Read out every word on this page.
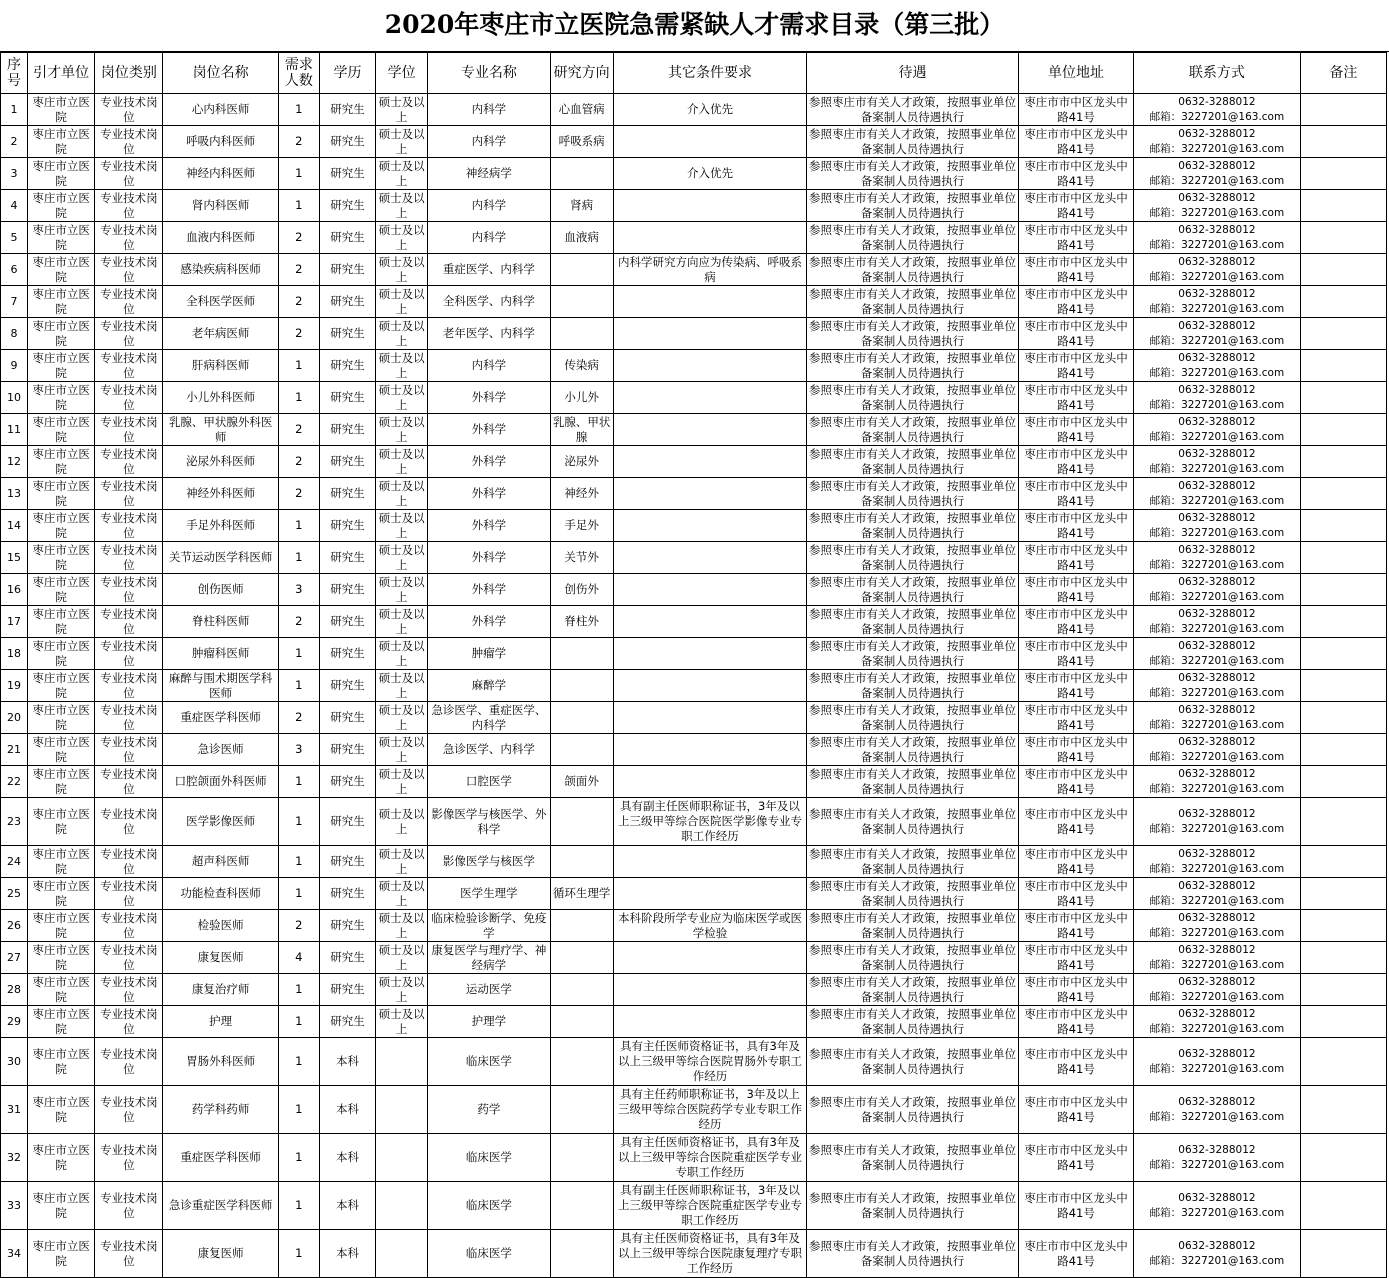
2020年枣庄市立医院急需紧缺人才需求目录（第三批）
序号	引才单位	岗位类别	岗位名称	需求人数	学历	学位	专业名称	研究方向	其它条件要求	待遇	单位地址	联系方式	备注
1	枣庄市立医院	专业技术岗位	心内科医师	1	研究生	硕士及以上	内科学	心血管病	介入优先	参照枣庄市有关人才政策，按照事业单位备案制人员待遇执行	枣庄市市中区龙头中路41号	0632-3288012
邮箱：3227201@163.com	

2	枣庄市立医院	专业技术岗位	呼吸内科医师	2	研究生	硕士及以上	内科学	呼吸系病		参照枣庄市有关人才政策，按照事业单位备案制人员待遇执行	枣庄市市中区龙头中路41号	0632-3288012
邮箱：3227201@163.com	

3	枣庄市立医院	专业技术岗位	神经内科医师	1	研究生	硕士及以上	神经病学		介入优先	参照枣庄市有关人才政策，按照事业单位备案制人员待遇执行	枣庄市市中区龙头中路41号	0632-3288012
邮箱：3227201@163.com	

4	枣庄市立医院	专业技术岗位	肾内科医师	1	研究生	硕士及以上	内科学	肾病		参照枣庄市有关人才政策，按照事业单位备案制人员待遇执行	枣庄市市中区龙头中路41号	0632-3288012
邮箱：3227201@163.com	

5	枣庄市立医院	专业技术岗位	血液内科医师	2	研究生	硕士及以上	内科学	血液病		参照枣庄市有关人才政策，按照事业单位备案制人员待遇执行	枣庄市市中区龙头中路41号	0632-3288012
邮箱：3227201@163.com	

6	枣庄市立医院	专业技术岗位	感染疾病科医师	2	研究生	硕士及以上	重症医学、内科学		内科学研究方向应为传染病、呼吸系病	参照枣庄市有关人才政策，按照事业单位备案制人员待遇执行	枣庄市市中区龙头中路41号	0632-3288012
邮箱：3227201@163.com	

7	枣庄市立医院	专业技术岗位	全科医学医师	2	研究生	硕士及以上	全科医学、内科学			参照枣庄市有关人才政策，按照事业单位备案制人员待遇执行	枣庄市市中区龙头中路41号	0632-3288012
邮箱：3227201@163.com	

8	枣庄市立医院	专业技术岗位	老年病医师	2	研究生	硕士及以上	老年医学、内科学			参照枣庄市有关人才政策，按照事业单位备案制人员待遇执行	枣庄市市中区龙头中路41号	0632-3288012
邮箱：3227201@163.com	

9	枣庄市立医院	专业技术岗位	肝病科医师	1	研究生	硕士及以上	内科学	传染病		参照枣庄市有关人才政策，按照事业单位备案制人员待遇执行	枣庄市市中区龙头中路41号	0632-3288012
邮箱：3227201@163.com	

10	枣庄市立医院	专业技术岗位	小儿外科医师	1	研究生	硕士及以上	外科学	小儿外		参照枣庄市有关人才政策，按照事业单位备案制人员待遇执行	枣庄市市中区龙头中路41号	0632-3288012
邮箱：3227201@163.com	

11	枣庄市立医院	专业技术岗位	乳腺、甲状腺外科医师	2	研究生	硕士及以上	外科学	乳腺、甲状腺		参照枣庄市有关人才政策，按照事业单位备案制人员待遇执行	枣庄市市中区龙头中路41号	0632-3288012
邮箱：3227201@163.com	

12	枣庄市立医院	专业技术岗位	泌尿外科医师	2	研究生	硕士及以上	外科学	泌尿外		参照枣庄市有关人才政策，按照事业单位备案制人员待遇执行	枣庄市市中区龙头中路41号	0632-3288012
邮箱：3227201@163.com	

13	枣庄市立医院	专业技术岗位	神经外科医师	2	研究生	硕士及以上	外科学	神经外		参照枣庄市有关人才政策，按照事业单位备案制人员待遇执行	枣庄市市中区龙头中路41号	0632-3288012
邮箱：3227201@163.com	

14	枣庄市立医院	专业技术岗位	手足外科医师	1	研究生	硕士及以上	外科学	手足外		参照枣庄市有关人才政策，按照事业单位备案制人员待遇执行	枣庄市市中区龙头中路41号	0632-3288012
邮箱：3227201@163.com	

15	枣庄市立医院	专业技术岗位	关节运动医学科医师	1	研究生	硕士及以上	外科学	关节外		参照枣庄市有关人才政策，按照事业单位备案制人员待遇执行	枣庄市市中区龙头中路41号	0632-3288012
邮箱：3227201@163.com	

16	枣庄市立医院	专业技术岗位	创伤医师	3	研究生	硕士及以上	外科学	创伤外		参照枣庄市有关人才政策，按照事业单位备案制人员待遇执行	枣庄市市中区龙头中路41号	0632-3288012
邮箱：3227201@163.com	

17	枣庄市立医院	专业技术岗位	脊柱科医师	2	研究生	硕士及以上	外科学	脊柱外		参照枣庄市有关人才政策，按照事业单位备案制人员待遇执行	枣庄市市中区龙头中路41号	0632-3288012
邮箱：3227201@163.com	

18	枣庄市立医院	专业技术岗位	肿瘤科医师	1	研究生	硕士及以上	肿瘤学			参照枣庄市有关人才政策，按照事业单位备案制人员待遇执行	枣庄市市中区龙头中路41号	0632-3288012
邮箱：3227201@163.com	

19	枣庄市立医院	专业技术岗位	麻醉与围术期医学科医师	1	研究生	硕士及以上	麻醉学			参照枣庄市有关人才政策，按照事业单位备案制人员待遇执行	枣庄市市中区龙头中路41号	0632-3288012
邮箱：3227201@163.com	

20	枣庄市立医院	专业技术岗位	重症医学科医师	2	研究生	硕士及以上	急诊医学、重症医学、内科学			参照枣庄市有关人才政策，按照事业单位备案制人员待遇执行	枣庄市市中区龙头中路41号	0632-3288012
邮箱：3227201@163.com	

21	枣庄市立医院	专业技术岗位	急诊医师	3	研究生	硕士及以上	急诊医学、内科学			参照枣庄市有关人才政策，按照事业单位备案制人员待遇执行	枣庄市市中区龙头中路41号	0632-3288012
邮箱：3227201@163.com	

22	枣庄市立医院	专业技术岗位	口腔颌面外科医师	1	研究生	硕士及以上	口腔医学	颌面外		参照枣庄市有关人才政策，按照事业单位备案制人员待遇执行	枣庄市市中区龙头中路41号	0632-3288012
邮箱：3227201@163.com	

23	枣庄市立医院	专业技术岗位	医学影像医师	1	研究生	硕士及以上	影像医学与核医学、外科学		具有副主任医师职称证书，3年及以上三级甲等综合医院医学影像专业专职工作经历	参照枣庄市有关人才政策，按照事业单位备案制人员待遇执行	枣庄市市中区龙头中路41号	0632-3288012
邮箱：3227201@163.com	

24	枣庄市立医院	专业技术岗位	超声科医师	1	研究生	硕士及以上	影像医学与核医学			参照枣庄市有关人才政策，按照事业单位备案制人员待遇执行	枣庄市市中区龙头中路41号	0632-3288012
邮箱：3227201@163.com	

25	枣庄市立医院	专业技术岗位	功能检查科医师	1	研究生	硕士及以上	医学生理学	循环生理学		参照枣庄市有关人才政策，按照事业单位备案制人员待遇执行	枣庄市市中区龙头中路41号	0632-3288012
邮箱：3227201@163.com	

26	枣庄市立医院	专业技术岗位	检验医师	2	研究生	硕士及以上	临床检验诊断学、免疫学		本科阶段所学专业应为临床医学或医学检验	参照枣庄市有关人才政策，按照事业单位备案制人员待遇执行	枣庄市市中区龙头中路41号	0632-3288012
邮箱：3227201@163.com	

27	枣庄市立医院	专业技术岗位	康复医师	4	研究生	硕士及以上	康复医学与理疗学、神经病学			参照枣庄市有关人才政策，按照事业单位备案制人员待遇执行	枣庄市市中区龙头中路41号	0632-3288012
邮箱：3227201@163.com	

28	枣庄市立医院	专业技术岗位	康复治疗师	1	研究生	硕士及以上	运动医学			参照枣庄市有关人才政策，按照事业单位备案制人员待遇执行	枣庄市市中区龙头中路41号	0632-3288012
邮箱：3227201@163.com	

29	枣庄市立医院	专业技术岗位	护理	1	研究生	硕士及以上	护理学			参照枣庄市有关人才政策，按照事业单位备案制人员待遇执行	枣庄市市中区龙头中路41号	0632-3288012
邮箱：3227201@163.com	

30	枣庄市立医院	专业技术岗位	胃肠外科医师	1	本科		临床医学		具有主任医师资格证书，具有3年及以上三级甲等综合医院胃肠外专职工作经历	参照枣庄市有关人才政策，按照事业单位备案制人员待遇执行	枣庄市市中区龙头中路41号	0632-3288012
邮箱：3227201@163.com	

31	枣庄市立医院	专业技术岗位	药学科药师	1	本科		药学		具有主任药师职称证书，3年及以上三级甲等综合医院药学专业专职工作经历	参照枣庄市有关人才政策，按照事业单位备案制人员待遇执行	枣庄市市中区龙头中路41号	0632-3288012
邮箱：3227201@163.com	

32	枣庄市立医院	专业技术岗位	重症医学科医师	1	本科		临床医学		具有主任医师资格证书，具有3年及以上三级甲等综合医院重症医学专业专职工作经历	参照枣庄市有关人才政策，按照事业单位备案制人员待遇执行	枣庄市市中区龙头中路41号	0632-3288012
邮箱：3227201@163.com	

33	枣庄市立医院	专业技术岗位	急诊重症医学科医师	1	本科		临床医学		具有副主任医师职称证书，3年及以上三级甲等综合医院重症医学专业专职工作经历	参照枣庄市有关人才政策，按照事业单位备案制人员待遇执行	枣庄市市中区龙头中路41号	0632-3288012
邮箱：3227201@163.com	

34	枣庄市立医院	专业技术岗位	康复医师	1	本科		临床医学		具有主任医师资格证书，具有3年及以上三级甲等综合医院康复理疗专职工作经历	参照枣庄市有关人才政策，按照事业单位备案制人员待遇执行	枣庄市市中区龙头中路41号	0632-3288012
邮箱：3227201@163.com	
